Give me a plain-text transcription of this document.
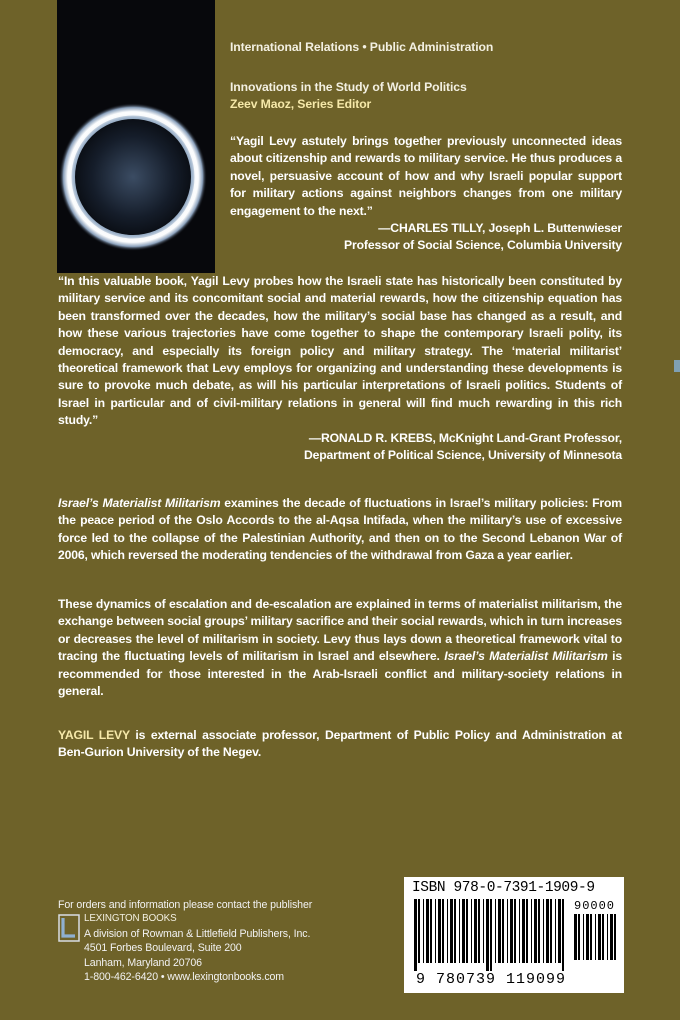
International Relations • Public Administration
Innovations in the Study of World Politics
Zeev Maoz, Series Editor
“Yagil Levy astutely brings together previously unconnected ideas about citizenship and rewards to military service. He thus produces a novel, persuasive account of how and why Israeli popular support for military actions against neighbors changes from one military engagement to the next.”
—CHARLES TILLY, Joseph L. Buttenwieser
Professor of Social Science, Columbia University
“In this valuable book, Yagil Levy probes how the Israeli state has historically been constituted by military service and its concomitant social and material rewards, how the citizenship equation has been transformed over the decades, how the military’s social base has changed as a result, and how these various trajectories have come together to shape the contemporary Israeli polity, its democracy, and especially its foreign policy and military strategy. The ‘material militarist’ theoretical framework that Levy employs for organizing and understanding these developments is sure to provoke much debate, as will his particular interpretations of Israeli politics. Students of Israel in particular and of civil-military relations in general will find much rewarding in this rich study.”
—RONALD R. KREBS, McKnight Land-Grant Professor,
Department of Political Science, University of Minnesota
Israel’s Materialist Militarism examines the decade of fluctuations in Israel’s military policies: From the peace period of the Oslo Accords to the al-Aqsa Intifada, when the military’s use of excessive force led to the collapse of the Palestinian Authority, and then on to the Second Lebanon War of 2006, which reversed the moderating tendencies of the withdrawal from Gaza a year earlier.
These dynamics of escalation and de-escalation are explained in terms of materialist militarism, the exchange between social groups’ military sacrifice and their social rewards, which in turn increases or decreases the level of militarism in society. Levy thus lays down a theoretical framework vital to tracing the fluctuating levels of militarism in Israel and elsewhere. Israel’s Materialist Militarism is recommended for those interested in the Arab-Israeli conflict and military-society relations in general.
YAGIL LEVY is external associate professor, Department of Public Policy and Administration at Ben-Gurion University of the Negev.
For orders and information please contact the publisher
LEXINGTON BOOKS
A division of Rowman & Littlefield Publishers, Inc.
4501 Forbes Boulevard, Suite 200
Lanham, Maryland 20706
1-800-462-6420 • www.lexingtonbooks.com
ISBN 978-0-7391-1909-9
9 780739 119099
90000
